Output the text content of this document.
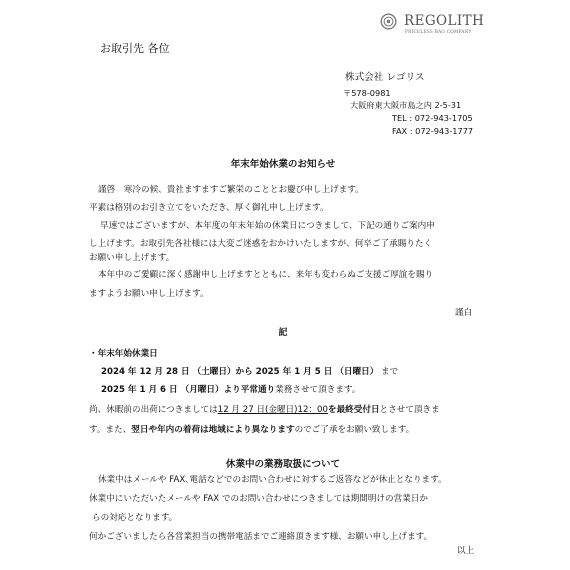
REGOLITH
PRICELESS BAG COMPANY
お取引先 各位
株式会社 レゴリス
〒578-0981
大阪府東大阪市島之内 2-5-31
TEL : 072-943-1705
FAX : 072-943-1777
年末年始休業のお知らせ
謹啓　寒冷の候、貴社ますますご繁栄のこととお慶び申し上げます。
平素は格別のお引き立てをいただき、厚く御礼申し上げます。
早速ではございますが、本年度の年末年始の休業日につきまして、下記の通りご案内申
し上げます。お取引先各社様には大変ご迷惑をおかけいたしますが、何卒ご了承賜りたく
お願い申し上げます。
本年中のご愛顧に深く感謝申し上げますとともに、来年も変わらぬご支援ご厚誼を賜り
ますようお願い申し上げます。
謹白
記
・年末年始休業日
2024 年 12 月 28 日 （土曜日）から 2025 年 1 月 5 日 （日曜日） まで
2025 年 1 月 6 日 （月曜日）より平常通り業務させて頂きます。
尚、休暇前の出荷につきましては12 月 27 日(金曜日)12：00を最終受付日とさせて頂きま
す。また、翌日や年内の着荷は地域により異なりますのでご了承をお願い致します。
休業中の業務取扱について
休業中はメールや FAX､電話などでのお問い合わせに対するご返答などが休止となります。
休業中にいただいたメールや FAX でのお問い合わせにつきましては期間明けの営業日か
らの対応となります。
何かございましたら各営業担当の携帯電話までご連絡頂きます様、お願い申し上げます。
以上
